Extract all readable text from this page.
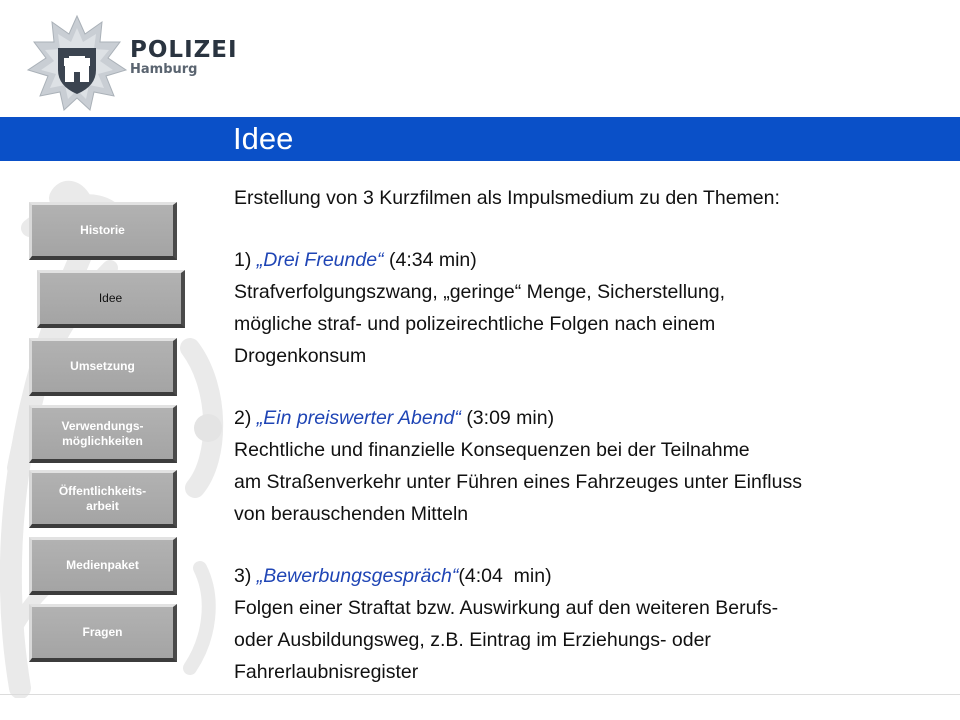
POLIZEI
Hamburg
Idee
Historie
Idee
Umsetzung
Verwendungs-
möglichkeiten
Öffentlichkeits-
arbeit
Medienpaket
Fragen
Erstellung von 3 Kurzfilmen als Impulsmedium zu den Themen:
1) „Drei Freunde“ (4:34 min)
Strafverfolgungszwang, „geringe“ Menge, Sicherstellung,
mögliche straf- und polizeirechtliche Folgen nach einem
Drogenkonsum
2) „Ein preiswerter Abend“ (3:09 min)
Rechtliche und finanzielle Konsequenzen bei der Teilnahme
am Straßenverkehr unter Führen eines Fahrzeuges unter Einfluss
von berauschenden Mitteln
3) „Bewerbungsgespräch“(4:04  min)
Folgen einer Straftat bzw. Auswirkung auf den weiteren Berufs-
oder Ausbildungsweg, z.B. Eintrag im Erziehungs- oder
Fahrerlaubnisregister
